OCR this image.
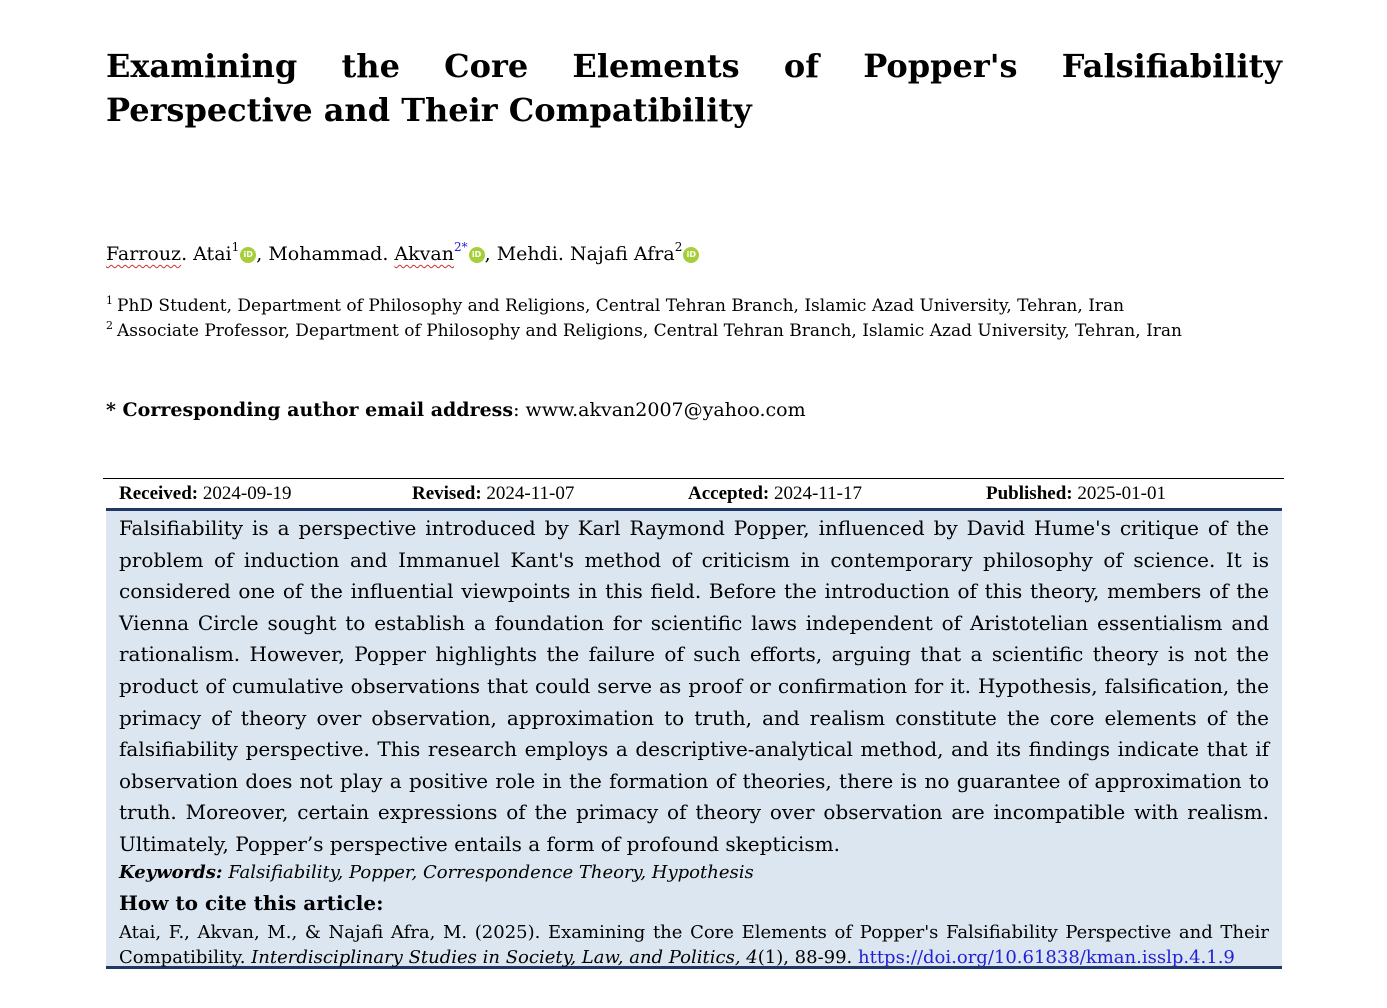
Examining the Core Elements of Popper's Falsifiability Perspective and Their Compatibility
Farrouz. Atai$^1$iD , Mohammad. Akvan$^{2*}$iD , Mehdi. Najafi Afra$^2$iD
$^1$ PhD Student, Department of Philosophy and Religions, Central Tehran Branch, Islamic Azad University, Tehran, Iran
$^2$ Associate Professor, Department of Philosophy and Religions, Central Tehran Branch, Islamic Azad University, Tehran, Iran
* Corresponding author email address: www.akvan2007@yahoo.com
Received: 2024-09-19	Revised: 2024-11-07	Accepted: 2024-11-17	Published: 2025-01-01

Falsifiability is a perspective introduced by Karl Raymond Popper, influenced by David Hume's critique of the problem of induction and Immanuel Kant's method of criticism in contemporary philosophy of science. It is considered one of the influential viewpoints in this field. Before the introduction of this theory, members of the Vienna Circle sought to establish a foundation for scientific laws independent of Aristotelian essentialism and rationalism. However, Popper highlights the failure of such efforts, arguing that a scientific theory is not the product of cumulative observations that could serve as proof or confirmation for it. Hypothesis, falsification, the primacy of theory over observation, approximation to truth, and realism constitute the core elements of the falsifiability perspective. This research employs a descriptive-analytical method, and its findings indicate that if observation does not play a positive role in the formation of theories, there is no guarantee of approximation to truth. Moreover, certain expressions of the primacy of theory over observation are incompatible with realism. Ultimately, Popper’s perspective entails a form of profound skepticism.

Keywords: Falsifiability, Popper, Correspondence Theory, Hypothesis
How to cite this article:

Atai, F., Akvan, M., & Najafi Afra, M. (2025). Examining the Core Elements of Popper's Falsifiability Perspective and Their Compatibility. Interdisciplinary Studies in Society, Law, and Politics, 4(1), 88-99. https://doi.org/10.61838/kman.isslp.4.1.9
